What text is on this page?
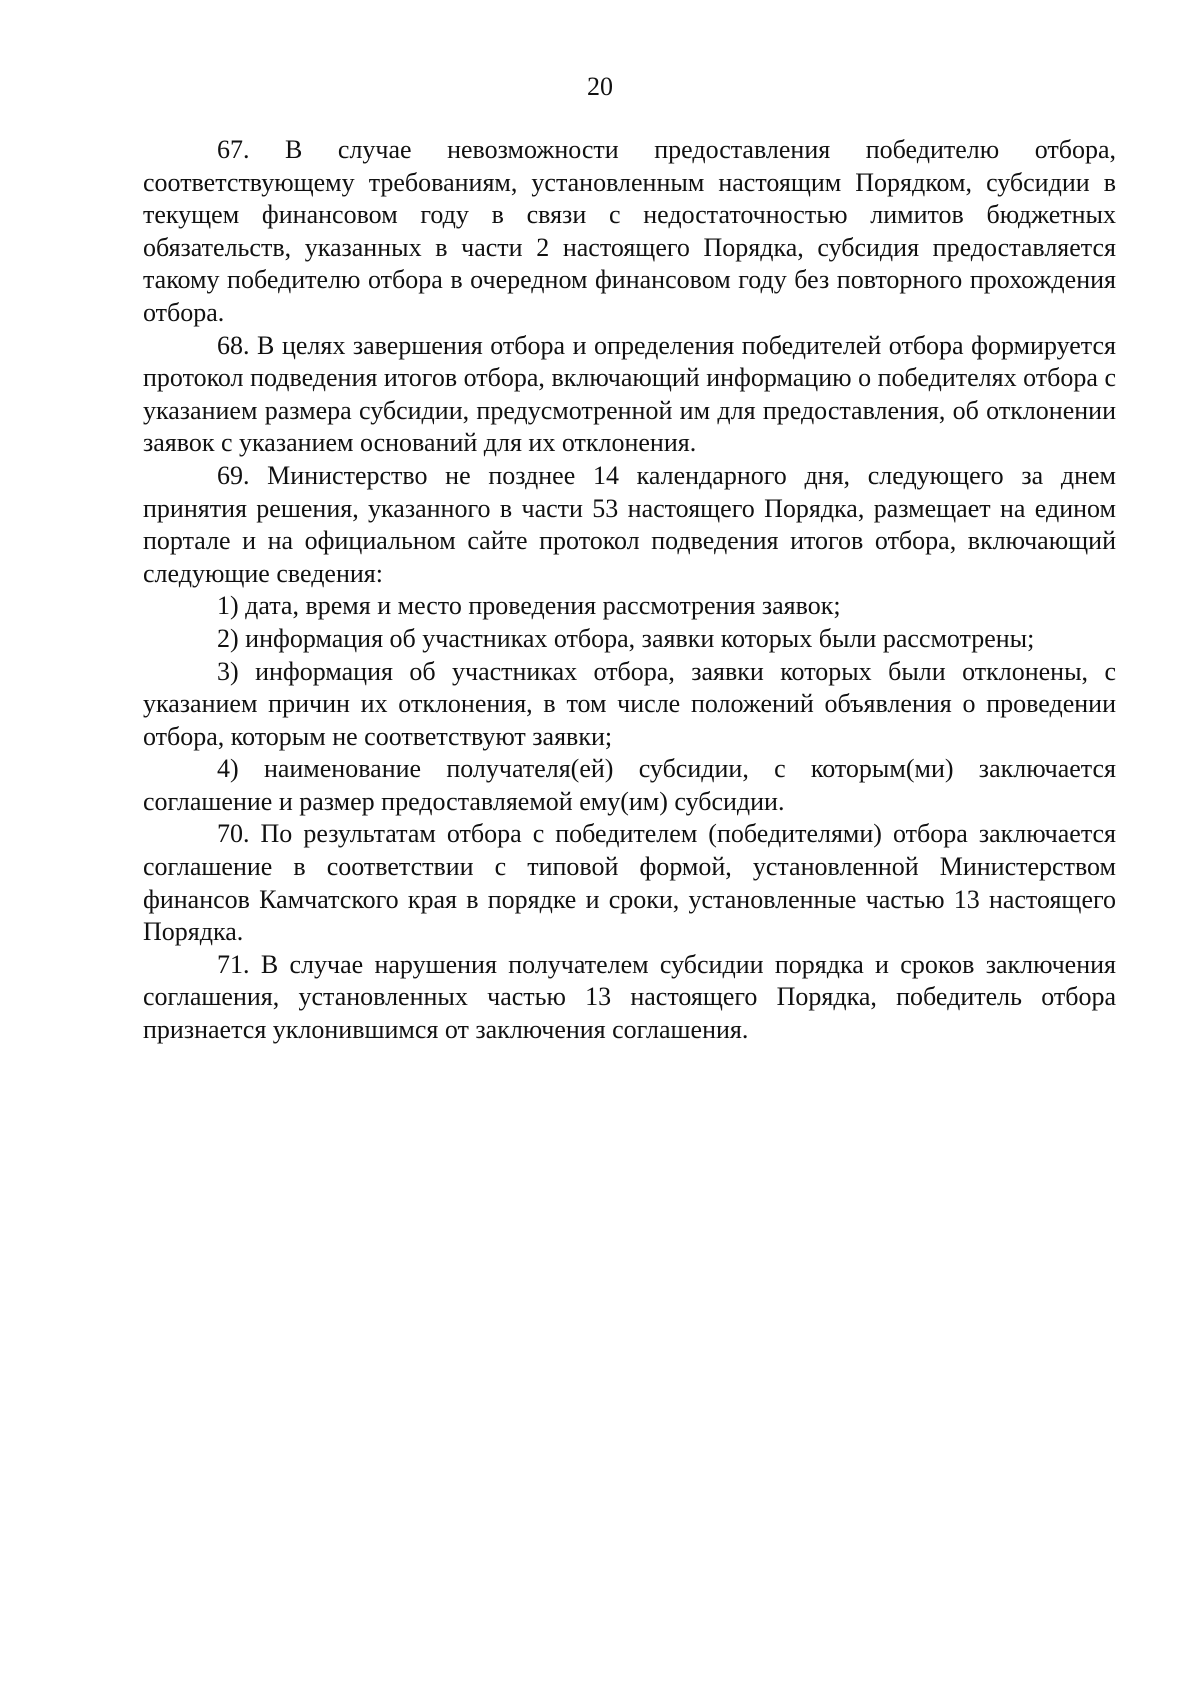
20

67. В случае невозможности предоставления победителю отбора, соответствующему требованиям, установленным настоящим Порядком, субсидии в текущем финансовом году в связи с недостаточностью лимитов бюджетных обязательств, указанных в части 2 настоящего Порядка, субсидия предоставляется такому победителю отбора в очередном финансовом году без повторного прохождения отбора.

68. В целях завершения отбора и определения победителей отбора формируется протокол подведения итогов отбора, включающий информацию о победителях отбора с указанием размера субсидии, предусмотренной им для предоставления, об отклонении заявок с указанием оснований для их отклонения.

69. Министерство не позднее 14 календарного дня, следующего за днем принятия решения, указанного в части 53 настоящего Порядка, размещает на едином портале и на официальном сайте протокол подведения итогов отбора, включающий следующие сведения:

1) дата, время и место проведения рассмотрения заявок;

2) информация об участниках отбора, заявки которых были рассмотрены;

3) информация об участниках отбора, заявки которых были отклонены, с указанием причин их отклонения, в том числе положений объявления о проведении отбора, которым не соответствуют заявки;

4) наименование получателя(ей) субсидии, с которым(ми) заключается соглашение и размер предоставляемой ему(им) субсидии.

70. По результатам отбора с победителем (победителями) отбора заключается соглашение в соответствии с типовой формой, установленной Министерством финансов Камчатского края в порядке и сроки, установленные частью 13 настоящего Порядка.

71. В случае нарушения получателем субсидии порядка и сроков заключения соглашения, установленных частью 13 настоящего Порядка, победитель отбора признается уклонившимся от заключения соглашения.
